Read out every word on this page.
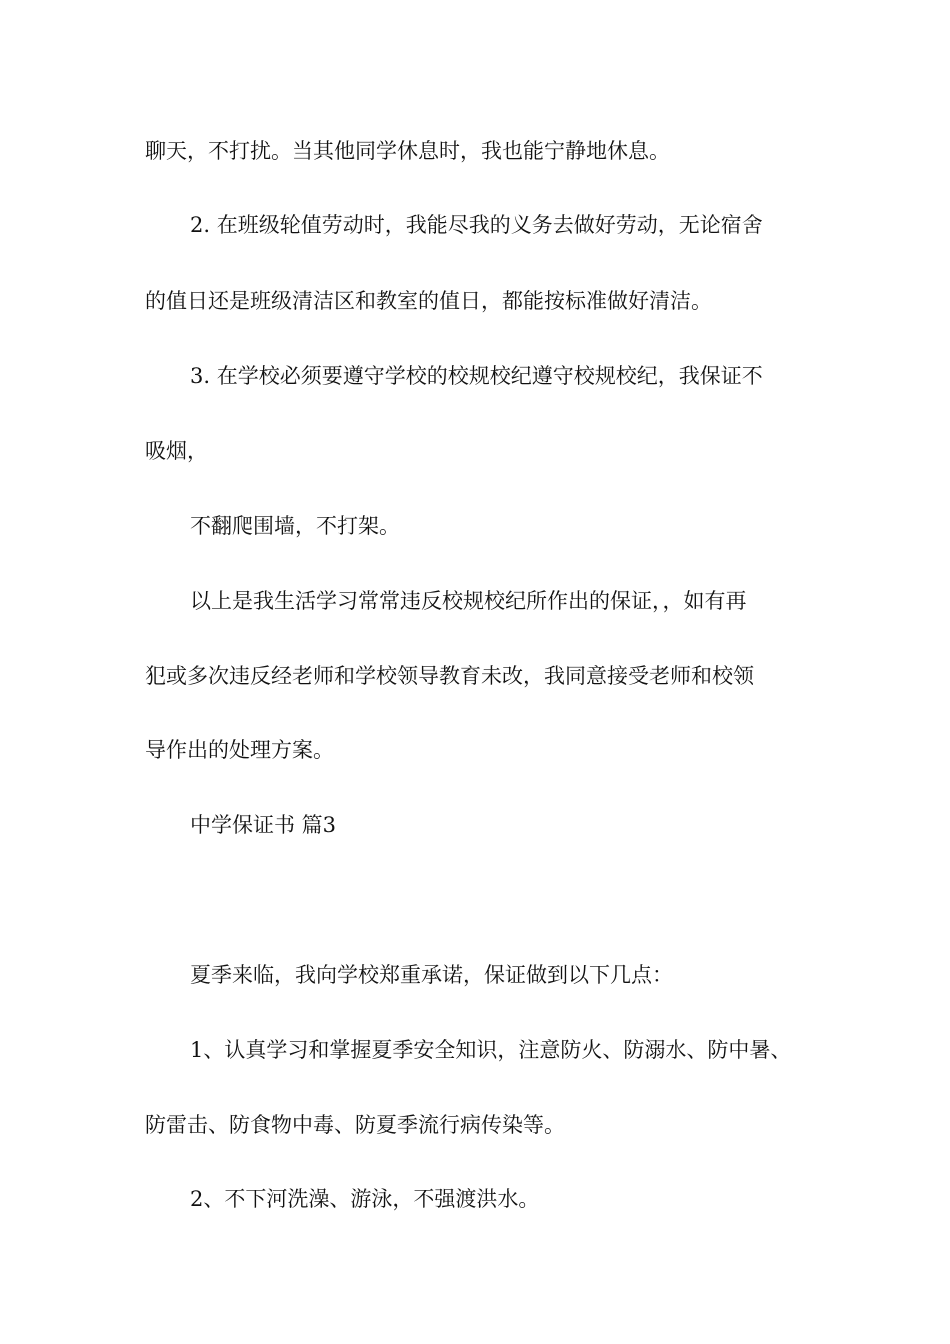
聊天，不打扰。当其他同学休息时，我也能宁静地休息。

2. 在班级轮值劳动时，我能尽我的义务去做好劳动，无论宿舍

的值日还是班级清洁区和教室的值日，都能按标准做好清洁。

3. 在学校必须要遵守学校的校规校纪遵守校规校纪，我保证不

吸烟，

不翻爬围墙，不打架。

以上是我生活学习常常违反校规校纪所作出的保证，，如有再

犯或多次违反经老师和学校领导教育未改，我同意接受老师和校领

导作出的处理方案。

中学保证书 篇3

夏季来临，我向学校郑重承诺，保证做到以下几点：

1、认真学习和掌握夏季安全知识，注意防火、防溺水、防中暑、

防雷击、防食物中毒、防夏季流行病传染等。

2、不下河洗澡、游泳，不强渡洪水。
